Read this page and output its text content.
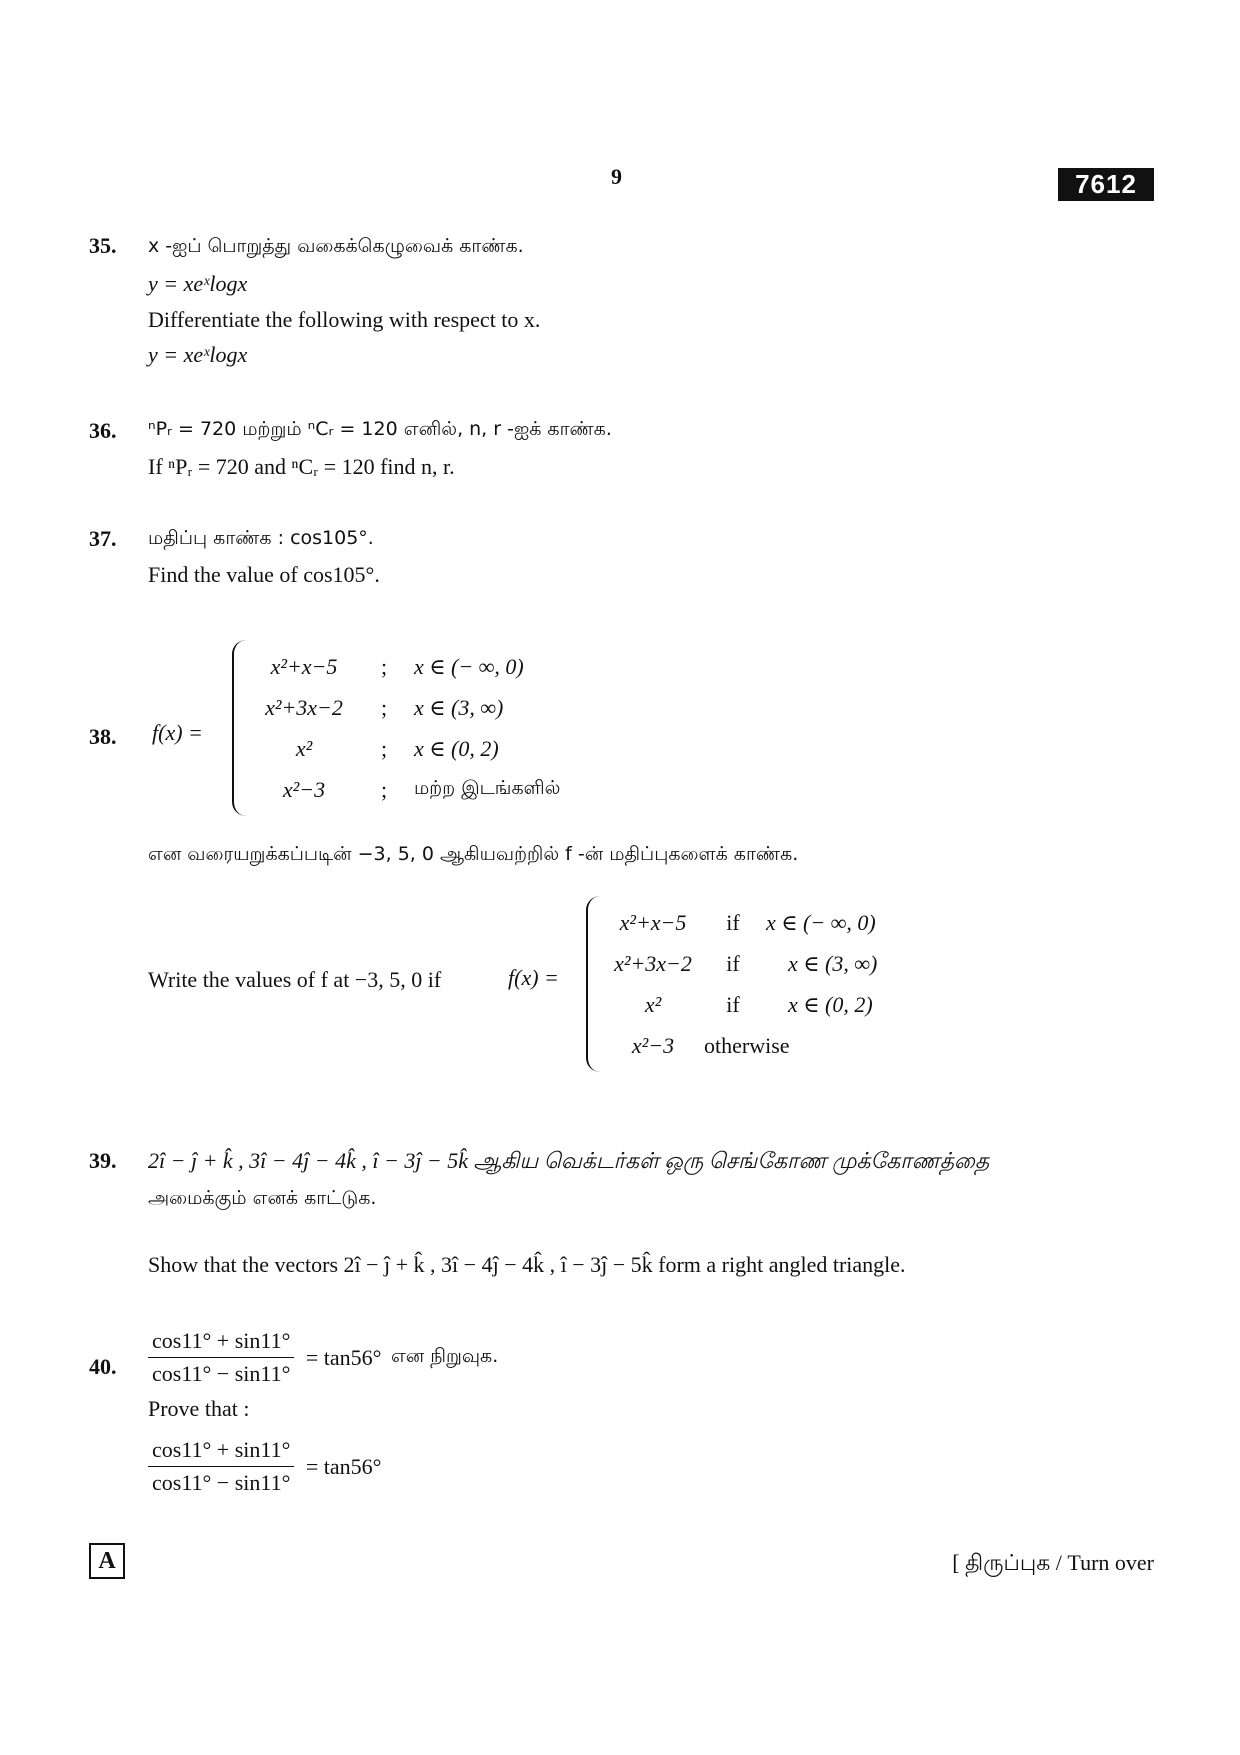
9	7612
35. x -ஐப் பொறுத்து வகைக்கெழுவைக் காண்க.
y = xeˣlogx
Differentiate the following with respect to x.
y = xeˣlogx
36. ⁿPᵣ = 720 மற்றும் ⁿCᵣ = 120 எனில், n, r -ஐக் காண்க.
If ⁿPᵣ = 720 and ⁿCᵣ = 120 find n, r.
37. மதிப்பு காண்க : cos105°.
Find the value of cos105°.
38. f(x) =
x²+x−5	;	x ∈ (− ∞, 0)
x²+3x−2	;	x ∈ (3, ∞)
x²	;	x ∈ (0, 2)
x²−3	;	மற்ற இடங்களில்
என வரையறுக்கப்படின் −3, 5, 0 ஆகியவற்றில் f -ன் மதிப்புகளைக் காண்க.
Write the values of f at −3, 5, 0 if	f(x) =
x²+x−5	if	x ∈ (− ∞, 0)
x²+3x−2	if	x ∈ (3, ∞)
x²	if	x ∈ (0, 2)
x²−3	otherwise
39. 2î − ĵ + k̂ , 3î − 4ĵ − 4k̂ , î − 3ĵ − 5k̂ ஆகிய வெக்டர்கள் ஒரு செங்கோண முக்கோணத்தை
அமைக்கும் எனக் காட்டுக.
Show that the vectors 2î − ĵ + k̂ , 3î − 4ĵ − 4k̂ , î − 3ĵ − 5k̂ form a right angled triangle.
40. $\frac{\cos 11^\circ + \sin 11^\circ}{\cos 11^\circ - \sin 11^\circ} = \tan 56^\circ$ என நிறுவுக.
Prove that :
$\frac{\cos 11^\circ + \sin 11^\circ}{\cos 11^\circ - \sin 11^\circ} = \tan 56^\circ$
A	[ திருப்புக / Turn over
